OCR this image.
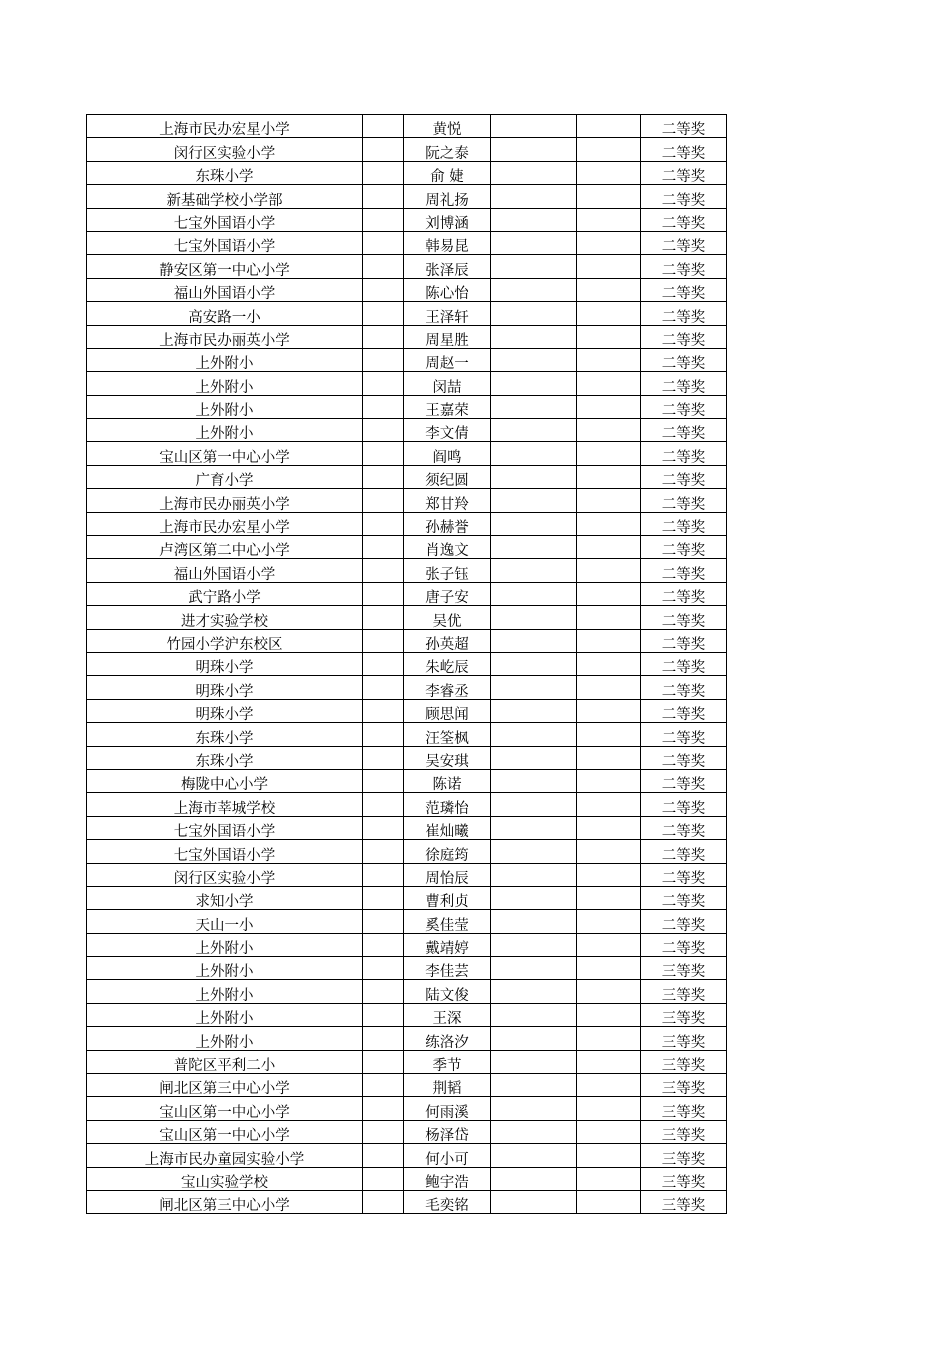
上海市民办宏星小学		黄悦			二等奖
闵行区实验小学		阮之泰			二等奖
东珠小学		俞 婕			二等奖
新基础学校小学部		周礼扬			二等奖
七宝外国语小学		刘博涵			二等奖
七宝外国语小学		韩易昆			二等奖
静安区第一中心小学		张泽辰			二等奖
福山外国语小学		陈心怡			二等奖
高安路一小		王泽轩			二等奖
上海市民办丽英小学		周星胜			二等奖
上外附小		周赵一			二等奖
上外附小		闵喆			二等奖
上外附小		王嘉荣			二等奖
上外附小		李文倩			二等奖
宝山区第一中心小学		阎鸣			二等奖
广育小学		须纪圆			二等奖
上海市民办丽英小学		郑甘羚			二等奖
上海市民办宏星小学		孙赫誉			二等奖
卢湾区第二中心小学		肖逸文			二等奖
福山外国语小学		张子钰			二等奖
武宁路小学		唐子安			二等奖
进才实验学校		吴优			二等奖
竹园小学沪东校区		孙英超			二等奖
明珠小学		朱屹辰			二等奖
明珠小学		李睿丞			二等奖
明珠小学		顾思闻			二等奖
东珠小学		汪筌枫			二等奖
东珠小学		吴安琪			二等奖
梅陇中心小学		陈诺			二等奖
上海市莘城学校		范璘怡			二等奖
七宝外国语小学		崔灿曦			二等奖
七宝外国语小学		徐庭筠			二等奖
闵行区实验小学		周怡辰			二等奖
求知小学		曹利贞			二等奖
天山一小		奚佳莹			二等奖
上外附小		戴靖婷			二等奖
上外附小		李佳芸			三等奖
上外附小		陆文俊			三等奖
上外附小		王深			三等奖
上外附小		练洛汐			三等奖
普陀区平利二小		季节			三等奖
闸北区第三中心小学		荆韬			三等奖
宝山区第一中心小学		何雨溪			三等奖
宝山区第一中心小学		杨泽岱			三等奖
上海市民办童园实验小学		何小可			三等奖
宝山实验学校		鲍宇浩			三等奖
闸北区第三中心小学		毛奕铭			三等奖
